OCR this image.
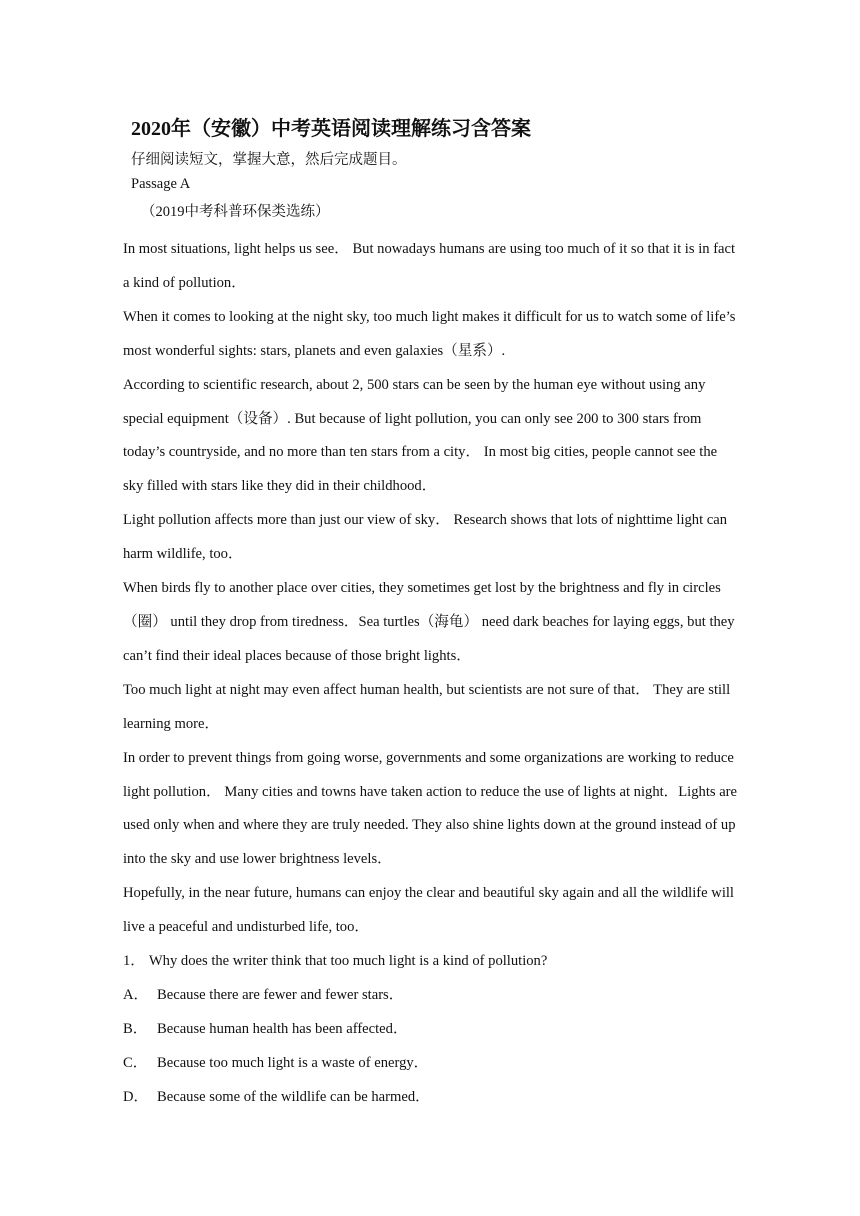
2020年（安徽）中考英语阅读理解练习含答案
仔细阅读短文，掌握大意，然后完成题目。
Passage A
（2019中考科普环保类选练）

In most situations, light helps us see． But nowadays humans are using too much of it so that it is in fact a kind of pollution．

When it comes to looking at the night sky, too much light makes it difficult for us to watch some of life’s most wonderful sights: stars, planets and even galaxies（星系）.

According to scientific research, about 2, 500 stars can be seen by the human eye without using any special equipment（设备）. But because of light pollution, you can only see 200 to 300 stars from today’s countryside, and no more than ten stars from a city． In most big cities, people cannot see the sky filled with stars like they did in their childhood．

Light pollution affects more than just our view of sky． Research shows that lots of nighttime light can harm wildlife, too．

When birds fly to another place over cities, they sometimes get lost by the brightness and fly in circles（圈） until they drop from tiredness．Sea turtles（海龟） need dark beaches for laying eggs, but they can’t find their ideal places because of those bright lights．

Too much light at night may even affect human health, but scientists are not sure of that． They are still learning more．

In order to prevent things from going worse, governments and some organizations are working to reduce light pollution． Many cities and towns have taken action to reduce the use of lights at night．Lights are used only when and where they are truly needed. They also shine lights down at the ground instead of up into the sky and use lower brightness levels．

Hopefully, in the near future, humans can enjoy the clear and beautiful sky again and all the wildlife will live a peaceful and undisturbed life, too．

1． Why does the writer think that too much light is a kind of pollution?

A． Because there are fewer and fewer stars．

B． Because human health has been affected．

C． Because too much light is a waste of energy．

D． Because some of the wildlife can be harmed．
